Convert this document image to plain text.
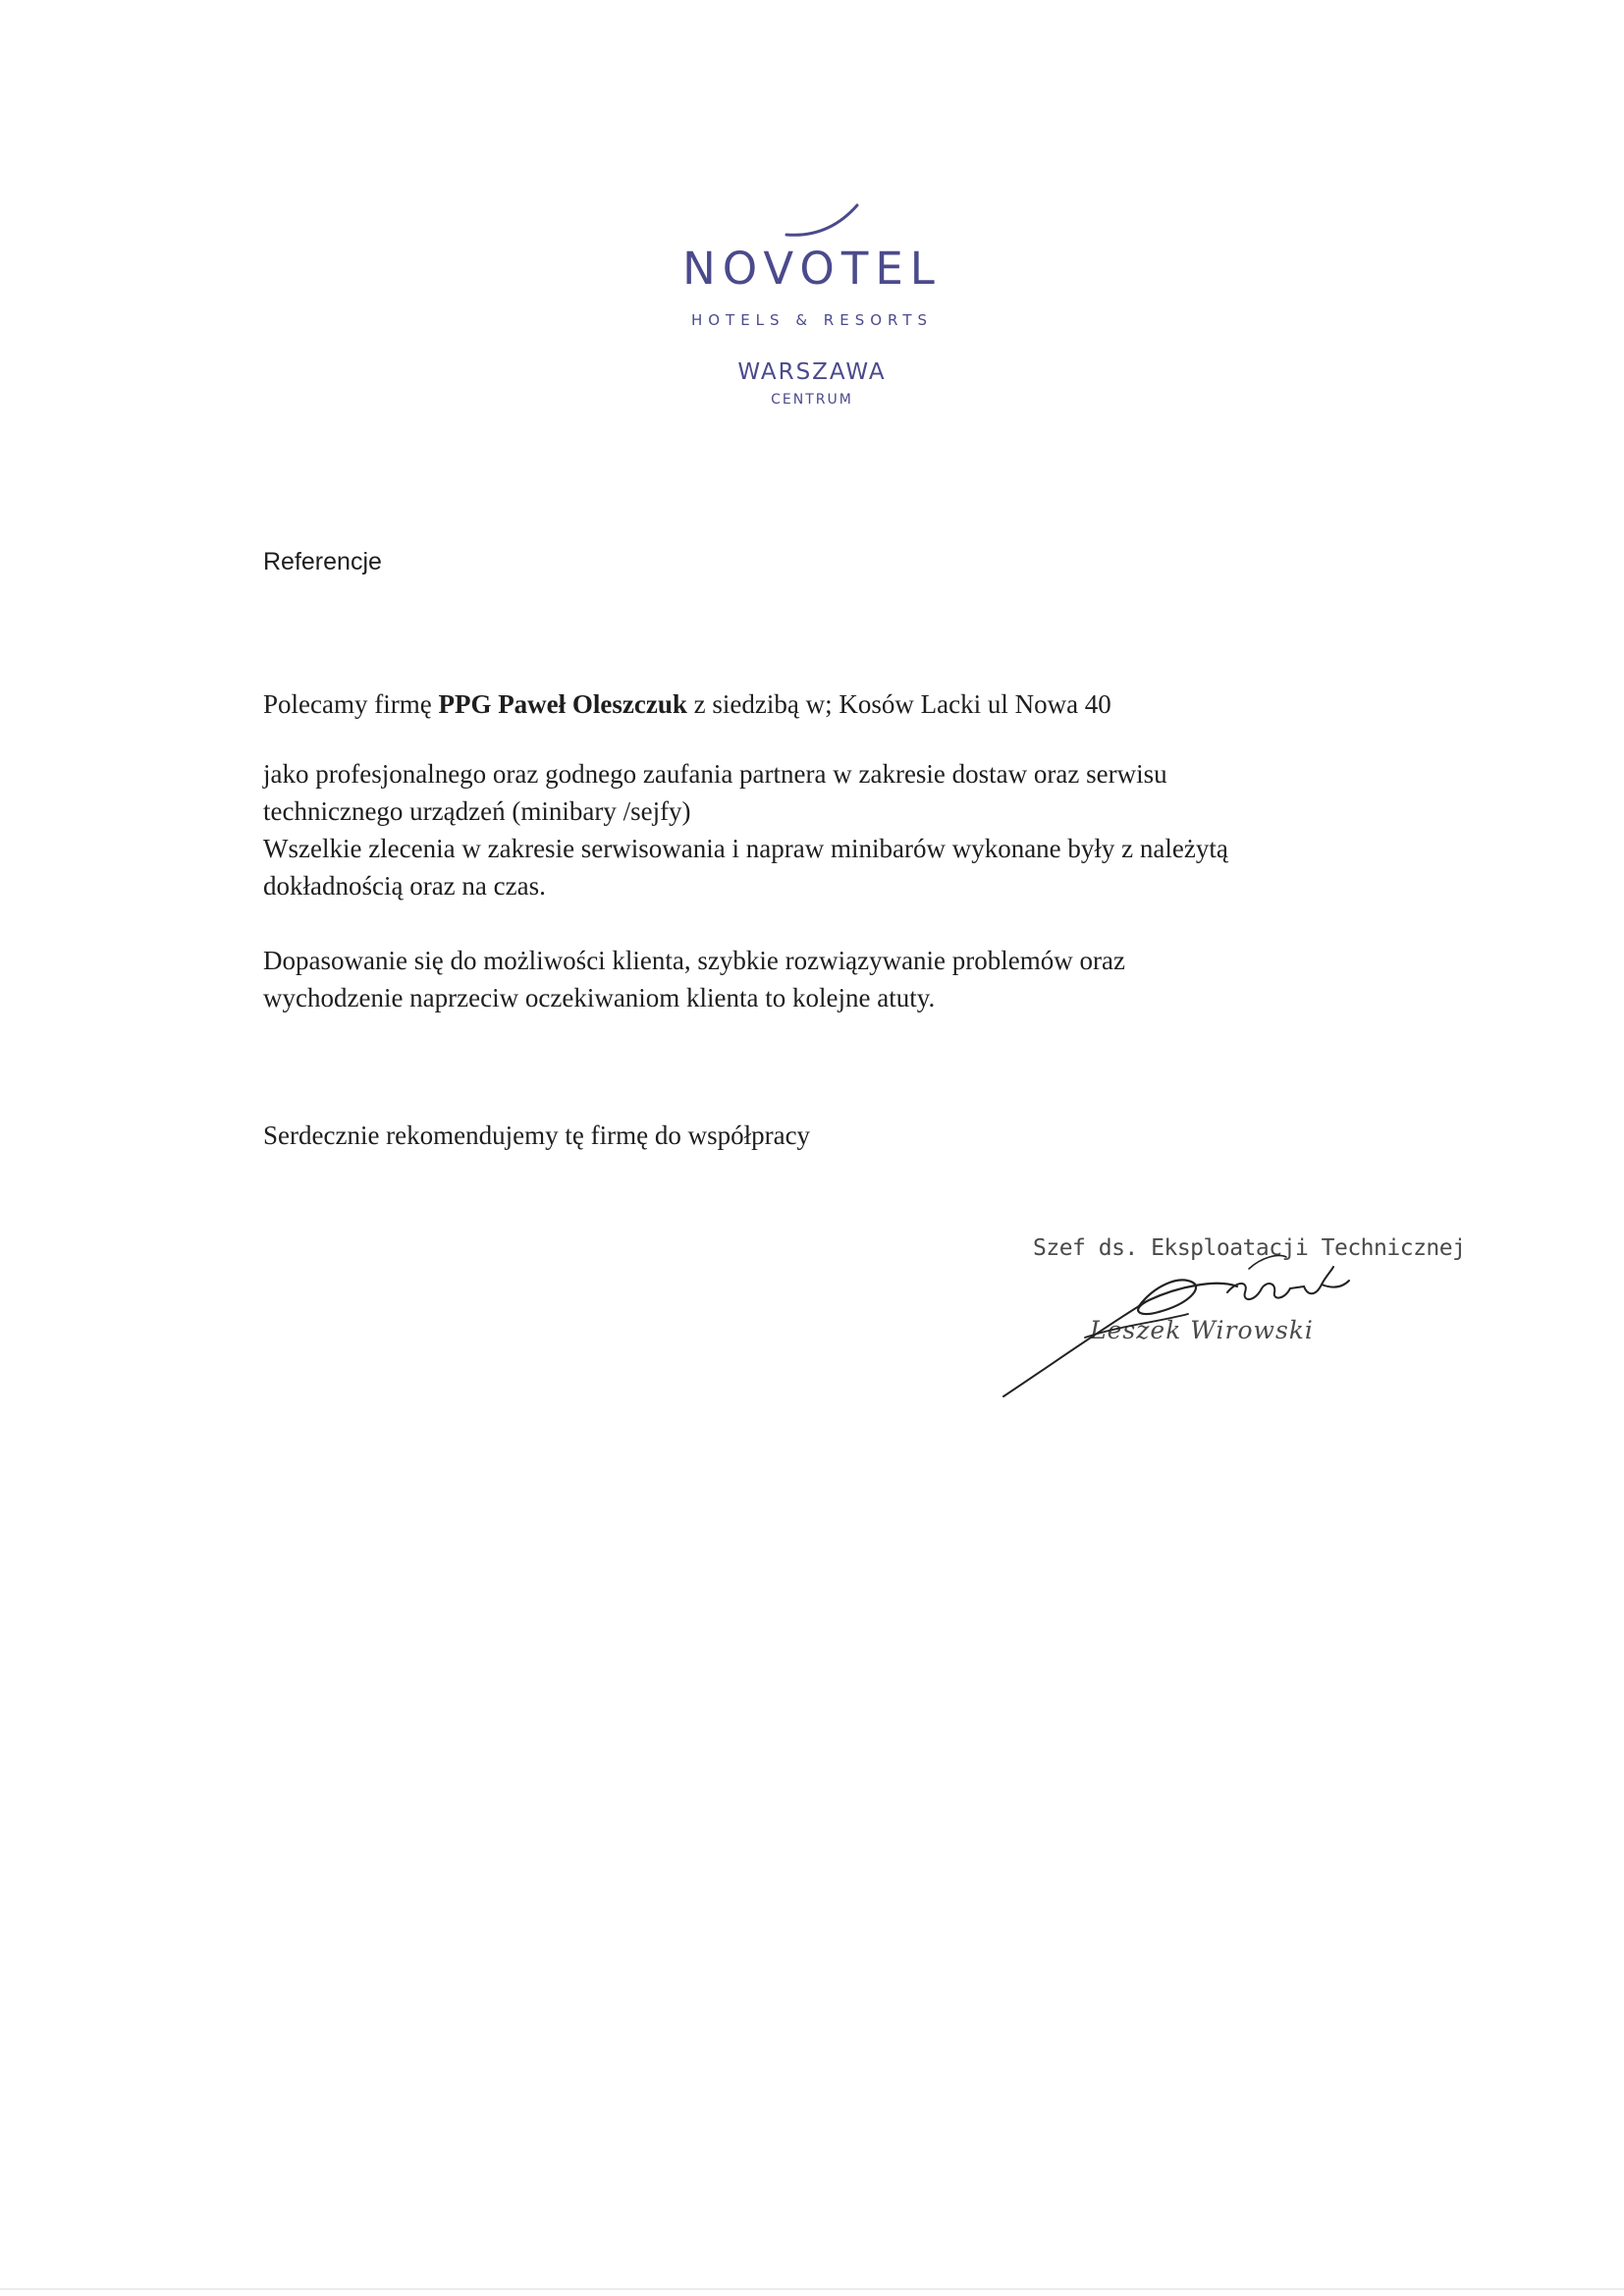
NOVOTEL
HOTELS & RESORTS
WARSZAWA
CENTRUM
Referencje
Polecamy firmę PPG Paweł Oleszczuk z siedzibą w; Kosów Lacki ul Nowa 40
jako profesjonalnego oraz godnego zaufania partnera w zakresie dostaw oraz serwisu
technicznego urządzeń (minibary /sejfy)
Wszelkie zlecenia w zakresie serwisowania i napraw minibarów wykonane były z należytą
dokładnością oraz na czas.
Dopasowanie się do możliwości klienta, szybkie rozwiązywanie problemów oraz
wychodzenie naprzeciw oczekiwaniom klienta to kolejne atuty.
Serdecznie rekomendujemy tę firmę do współpracy
Szef ds. Eksploatacji Technicznej
Leszek Wirowski
